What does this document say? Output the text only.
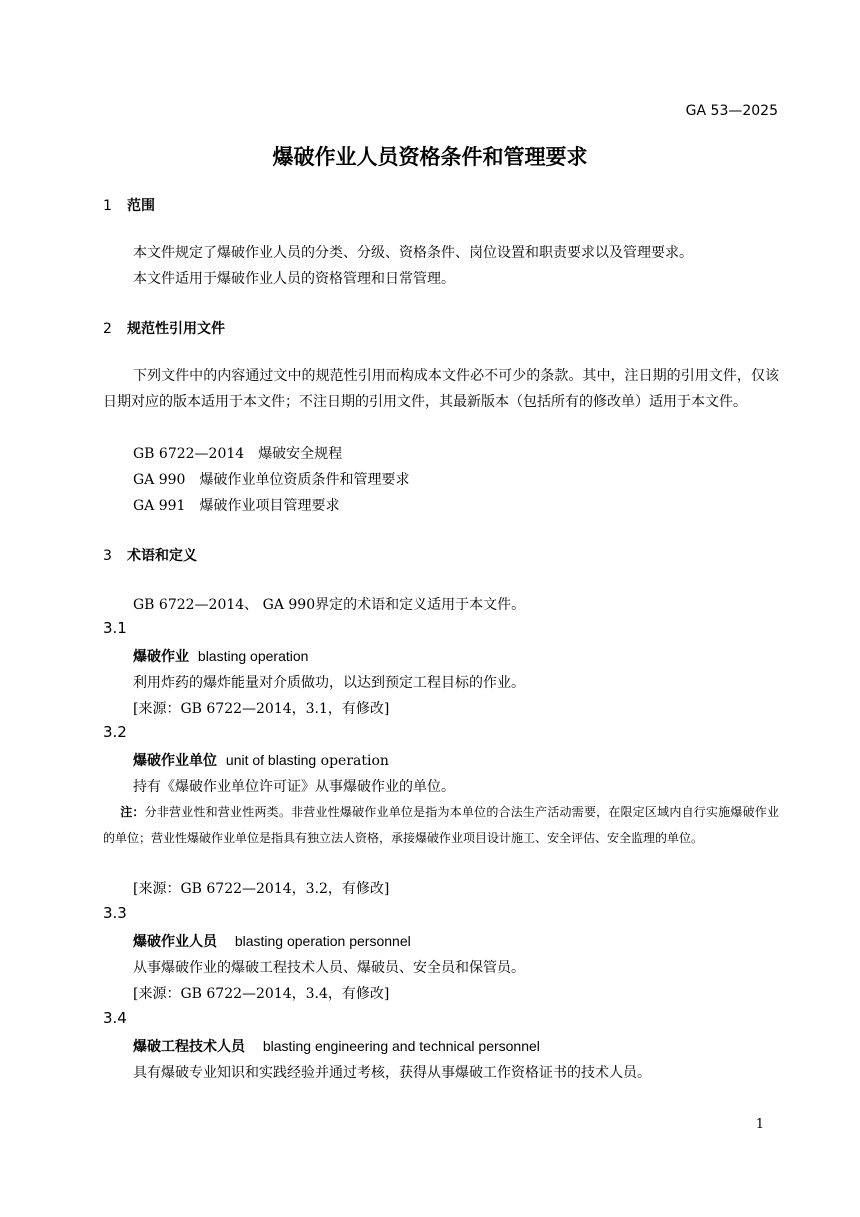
GA 53—2025
爆破作业人员资格条件和管理要求
1 范围
本文件规定了爆破作业人员的分类、分级、资格条件、岗位设置和职责要求以及管理要求。
本文件适用于爆破作业人员的资格管理和日常管理。
2 规范性引用文件
下列文件中的内容通过文中的规范性引用而构成本文件必不可少的条款。其中，注日期的引用文件，仅该日期对应的版本适用于本文件；不注日期的引用文件，其最新版本（包括所有的修改单）适用于本文件。
GB 6722—2014 爆破安全规程
GA 990 爆破作业单位资质条件和管理要求
GA 991 爆破作业项目管理要求
3 术语和定义
GB 6722—2014、 GA 990界定的术语和定义适用于本文件。
3.1
爆破作业 blasting operation
利用炸药的爆炸能量对介质做功，以达到预定工程目标的作业。
[来源：GB 6722—2014，3.1，有修改]
3.2
爆破作业单位 unit of blasting operation
持有《爆破作业单位许可证》从事爆破作业的单位。
注：分非营业性和营业性两类。非营业性爆破作业单位是指为本单位的合法生产活动需要，在限定区域内自行实施爆破作业的单位；营业性爆破作业单位是指具有独立法人资格，承接爆破作业项目设计施工、安全评估、安全监理的单位。
[来源：GB 6722—2014，3.2，有修改]
3.3
爆破作业人员 blasting operation personnel
从事爆破作业的爆破工程技术人员、爆破员、安全员和保管员。
[来源：GB 6722—2014，3.4，有修改]
3.4
爆破工程技术人员 blasting engineering and technical personnel
具有爆破专业知识和实践经验并通过考核，获得从事爆破工作资格证书的技术人员。
1
